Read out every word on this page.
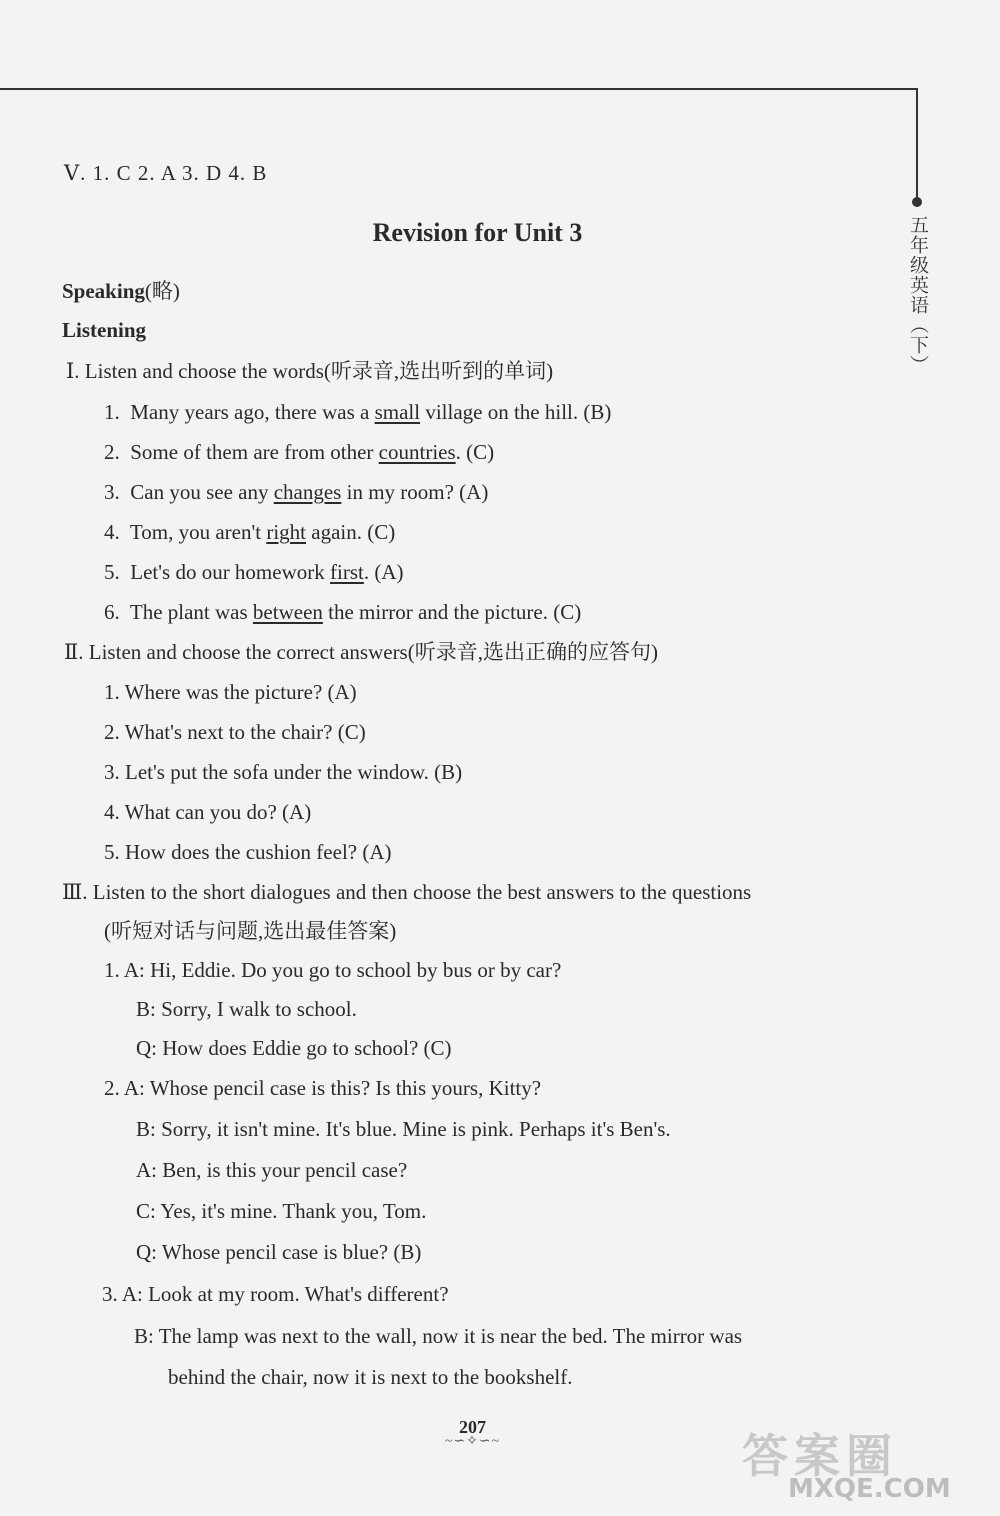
五年级英语（下）
Ⅴ. 1. C 2. A 3. D 4. B
Revision for Unit 3
Speaking(略)
Listening
Ⅰ. Listen and choose the words(听录音,选出听到的单词)
1. Many years ago, there was a small village on the hill. (B)
2. Some of them are from other countries. (C)
3. Can you see any changes in my room? (A)
4. Tom, you aren't right again. (C)
5. Let's do our homework first. (A)
6. The plant was between the mirror and the picture. (C)
Ⅱ. Listen and choose the correct answers(听录音,选出正确的应答句)
1. Where was the picture? (A)
2. What's next to the chair? (C)
3. Let's put the sofa under the window. (B)
4. What can you do? (A)
5. How does the cushion feel? (A)
Ⅲ. Listen to the short dialogues and then choose the best answers to the questions
(听短对话与问题,选出最佳答案)
1. A: Hi, Eddie. Do you go to school by bus or by car?
B: Sorry, I walk to school.
Q: How does Eddie go to school? (C)
2. A: Whose pencil case is this? Is this yours, Kitty?
B: Sorry, it isn't mine. It's blue. Mine is pink. Perhaps it's Ben's.
A: Ben, is this your pencil case?
C: Yes, it's mine. Thank you, Tom.
Q: Whose pencil case is blue? (B)
3. A: Look at my room. What's different?
B: The lamp was next to the wall, now it is near the bed. The mirror was
behind the chair, now it is next to the bookshelf.
207
~∽✧∽~	答案圈
MXQE.COM
